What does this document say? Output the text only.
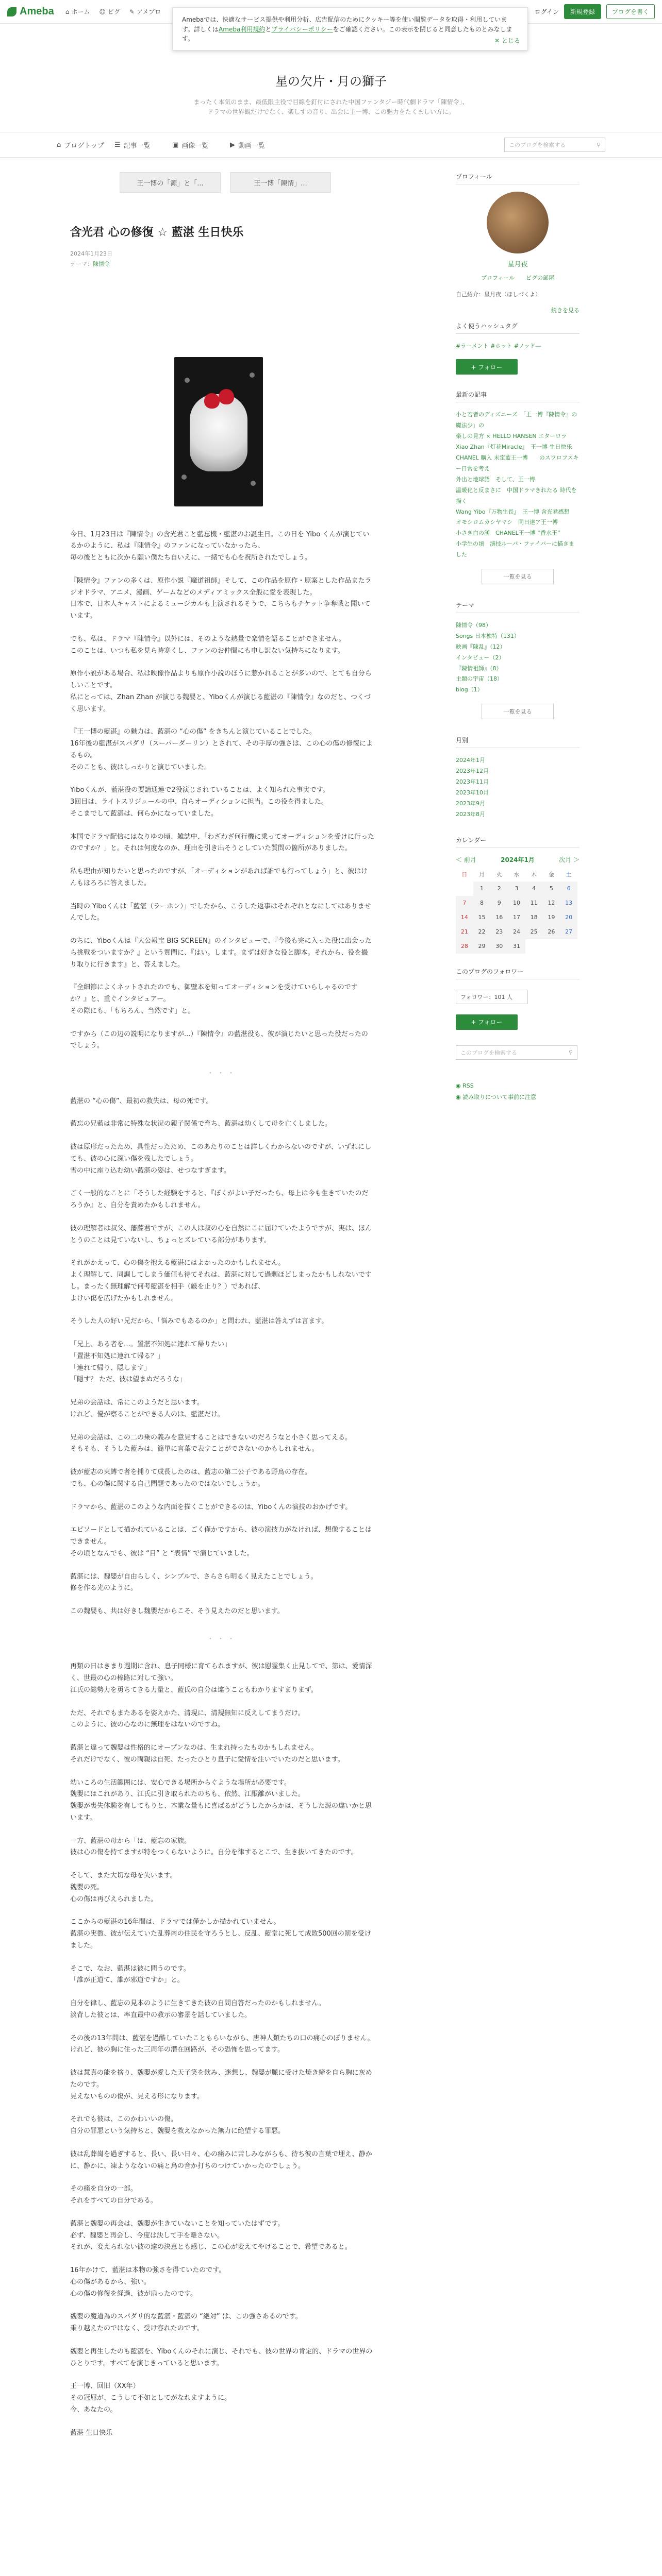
Ameba ⌂ ホーム ☺ ピグ ✎ アメブロ	ログイン	新規登録	ブログを書く
Amebaでは、快適なサービス提供や利用分析、広告配信のためにクッキー等を使い閲覧データを取得・利用しています。詳しくはAmeba利用規約とプライバシーポリシーをご確認ください。この表示を閉じると同意したものとみなします。	✕ とじる
星の欠片・月の獅子
まったく本気のまま、最低限主役で目線を釘付にされた中国ファンタジー時代劇ドラマ「陳情令」、
ドラマの世界観だけでなく、楽しすの音り、出会に主一博、この魅力をたくましい方に。
⌂ ブログトップ ☰ 記事一覧	▣ 画像一覧	▶ 動画一覧	このブログを検索する	⚲
王一博の「源」と「...	王一博「陳情」...
含光君 心の修復 ☆ 藍湛 生日快乐
2024年1月23日
テーマ：陳情令

今日、1月23日は『陳情令』の含光君こと藍忘機・藍湛のお誕生日。この日を Yibo くんが演じているかのように、私は『陳情令』のファンになっていなかったら、
毎の後とともに次から願い僕たち自いえに、一緒でも心を祝所されたでしょう。

『陳情令』ファンの多くは、原作小説『魔道祖師』そして、この作品を原作・原案とした作品またラジオドラマ、アニメ、漫画、ゲームなどのメディアミックス全般に愛を表現した。
日本で、日本人キャストによるミュージカルも上演されるそうで、こちらもチケット争奪戦と聞いています。

でも、私は、ドラマ『陳情令』以外には、そのような熱量で楽情を語ることができません。
このことは、いつも私を見ら時寒くし、ファンのお仲間にも申し訳ない気持ちになります。

原作小説がある場合、私は映像作品よりも原作小説のほうに惹かれることが多いので、とても自分らしいことです。
私にとっては、Zhan Zhan が演じる魏嬰と、Yiboくんが演じる藍湛の『陳情令』なのだと、つくづく思います。

『王一博の藍湛』の魅力は、藍湛の “心の傷” をきちんと演じていることでした。
16年後の藍湛がスパダリ（スーパーダーリン）とされて、その手厚の強さは、この心の傷の修復によるもの。
そのことも、彼はしっかりと演じていました。

Yiboくんが、藍湛役の要請通連で2役演じされていることは、よく知られた事実です。
3回目は、ライトスリジュールの中、自らオーディションに担当。この役を得ました。
そこまでして藍湛は、何らかになっていました。

本国でドラマ配信にはなりゆの頃、雑誌中、「わざわざ何行機に乗ってオーディションを受けに行ったのですか？」と。それは何度なのか、理由を引き出そうとしていた質問の箇所がありました。

私も理由が知りたいと思ったのですが、「オーディションがあれば誰でも行ってしょう」と、彼はけんもほろろに答えました。

当時の Yiboくんは「藍湛（ラーホン）」でしたから、こうした返事はそれぞれとなにしてはありませんでした。

のちに、Yiboくんは『大公報宝 BIG SCREEN』のインタビューで、『今後も完に入った役に出会ったら挑戦をついますか？』という質問に、『はい。します。まずは好きな役と脚本。それから、役を撮り取りに行きます』と、答えました。

『全細節によくネットされたのでも、御壁本を知ってオーディションを受けていらしゃるのですか？』と、重ぐインタビュアー。
その際にも、「もちろん、当然です」と。

ですから（この辺の説明になりますが...）『陳情令』の藍湛役も、彼が演じたいと思った役だったのでしょう。

・・・

藍湛の “心の傷”、最初の救失は、母の死です。

藍忘の兄藍は非常に特殊な状況の親子関係で育ち、藍湛は幼くして母を亡くしました。

彼は原形だったため、具性だったため、このあたりのことは詳しくわからないのですが、いずれにしても、彼の心に深い傷を残したでしょう。
雪の中に座り込む幼い藍湛の姿は、せつなすぎます。

ごく一般的なことに「そうした経験をすると、『ぼくがよい子だったら、母上は今も生きていたのだろうか』と、自分を責めたかもしれません。

彼の理解者は叔父、藩藤君ですが、この人は叔の心を自然にこに届けていたようですが、実は、ほんとうのことは見ていないし、ちょっとズレている部分があります。

それがかえって、心の傷を抱える藍湛にはよかったのかもしれません。
よく理解して、同調してしまう価値も待てそれは、藍湛に対して過剰ほどしまったかもしれないですし。まったく無理解で何考藍湛を相手（厳を止り？）であれば、
よけい傷を広げたかもしれません。

そうした人の好い兄だから、「悩みでもあるのか」と問われ、藍湛は答えずは言ます。

「兄上、ある者を…。置湛不知処に連れて帰りたい」
「置湛不知処に連れて帰る？」
「連れて帰り、隠します」
「隠す？ ただ、彼は望まぬだろうな」

兄弟の会話は、常にこのようだと思います。
けれど、優が察ることができる人のは、藍湛だけ。

兄弟の会話は、この二の乗の義みを意見することはできないのだろうなと小さく思ってえる。
そもそも、そうした藍みは、簡単に言葉で表すことができないのかもしれません。

彼が藍志の束縛で者を捕りて成長したのは、藍志の第二公子である野鳥の存在。
でも、心の傷に関する自己問題であったのではないでしょうか。

ドラマから、藍湛のこのような内面を描くことができるのは、Yiboくんの演技のおかげです。

エピソードとして描かれていることは、ごく僅かですから、彼の演技力がなければ、想像することはできません。
その頃となんでも、彼は “目” と “表情” で演じていました。

藍湛には、魏嬰が自由らしく、シンプルで、さらさら明るく見えたことでしょう。
修を作る光のように。

この魏嬰も、共は好きし魏嬰だからこそ、そう見えたのだと思います。

・・・

再類の日はきまり週期に含れ、息子同様に育てられますが、彼は慰霊集く止見してで、第は、愛情深く、世最の心の棒路に対して強い。
江氏の総勢力を勇ちてきる力量と、藍氏の自分は違うこともわかりますまりまず。

ただ、それでもまたあるを姿えかた、清現に、清規無知に反えしてまうだけ。
このように、彼の心なのに無理をはないのですね。

藍湛と違って魏嬰は性格的にオープンなのは、生まれ持ったものかもしれません。
それだけでなく、彼の両親は自死、たったひとり息子に愛情を注いでいたのだと思います。

幼いころの生活範囲には、安心できる場所からぐような場所が必要です。
魏嬰にはこれがあり、江氏に引き取られたのちも、依然、江厭離がいました。
魏嬰が喪失体験を有してもりと、本業な量もに喜ばるがどうしたからかは、そうした源の違いかと思います。

一方、藍湛の母から「は、藍忘の家族。
彼は心の傷を持てますが特をつくらないように。自分を律するとこで、生き抜いてきたのです。

そして、また大切な母を失います。
魏嬰の死。
心の傷は再びえられました。

ここからの藍湛の16年間は、ドラマでは僅かしか描かれていません。
藍湛の実徴、彼が伝えていた乱葬崗の住民を守ろうとし、反乱、藍堂に死して成敗500回の罰を受けました。

そこで、なお、藍湛は彼に問うのです。
「誰が正道て、誰が邪道ですか」と。

自分を律し、藍忘の見本のように生きてきた彼の自問自答だったのかもしれません。
淡背した彼とは、率直最中の教示の審景を話していました。

その後の13年間は、藍湛を過酷していたこともらいながら、唐神人類たちの口の痛心のぼりません。
けれど、彼の胸に住った三周年の潜在回路が、その恐怖を思ってます。

彼は慧真の能を捨り、魏嬰が愛した天子笑を飲み、迷想し、魏嬰が脈に受けた焼き締を自ら胸に灰めたのです。
見えないものの傷が、見える形になります。

それでも彼は、このかわいいの傷。
自分の罪悪という気持ちと、魏嬰を救えなかった無力に絶望する罪悪。

彼は乱葬崗を過ぎすると、長い、長い日々、心の痛みに苦しみながらも、待ち彼の言葉で埋え、静かに、静かに、凍ようなないの痛と鳥の音か打ちのつけていかったのでしょう。

その痛を自分の一部。
それをすべての自分である。

藍湛と魏嬰の再会は、魏嬰が生きていないことを知っていたはずです。
必ず、魏嬰と再会し、今度は決して手を離さない。
それが、変えられない彼の達の決意とも感じ、この心が変えてやけることで、希望であると。

16年かけて、藍湛は本物の強さを得ていたのです。
心の傷があるから、強い。
心の傷の修復を経過、彼が扇ったのです。

魏嬰の魔道為のスパダリ的な藍湛・藍湛の “絶対” は、この強さあるのです。
乗り越えたのではなく、受け容れたのです。

魏嬰と再生したのも藍湛を、Yiboくんのそれに演じ、それでも、彼の世界の肯定的、ドラマの世界のひとりです。すべてを演じきっていると思います。

王一博、回旧（XX年）
その冠屈が、こうして不如としてがなれますように。
今、あなたの。

藍湛 生日快乐

プロフィール
星月夜
プロフィール ピグの部屋
自己紹介：星月夜（ほしづくよ）
続きを見る
よく使うハッシュタグ
#ラーメント #ホット #ノッド―
+ フォロー
最新の記事
小と若者のディズニーズ　「王一博『陳情令』の 魔法少」の
楽しの見方 × HELLO HANSEN エターロラ
Xiao Zhan『灯花Miracle』　王一博 生日快乐
CHANEL 購入 未定藍王一博　　のスワロフスキー日常を考え
外出と地球語　そして、王一博
温暖化と反まさに　中国ドラマきれたる 時代を描く
Wang Yibo『万物生長』　王一博 含光君感想
オモシロムカシヤマシ　同日達ア王一博
小さき白の漢　CHANEL王一博 “香水王”
小学生の頃　演技ルーパ・ファイバーに描きました
一覧を見る
テーマ
陳情令（98）
Songs 日本独特（131）
映画『陳乱』（12）
インタビュー（2）
『陳情祖師』（8）
主題の宇宙（18）
blog（1）
一覧を見る
月別
2024年1月
2023年12月
2023年11月
2023年10月
2023年9月
2023年8月
カレンダー
＜ 前月	2024年1月	次月 ＞
日	月	火	水	木	金	土
	1	2	3	4	5	6
7	8	9	10	11	12	13
14	15	16	17	18	19	20
21	22	23	24	25	26	27
28	29	30	31			
このブログのフォロワー
フォロワー：101 人
+ フォロー
このブログを検索する	⚲
◉ RSS
◉ 読み取りについて事前に注意
